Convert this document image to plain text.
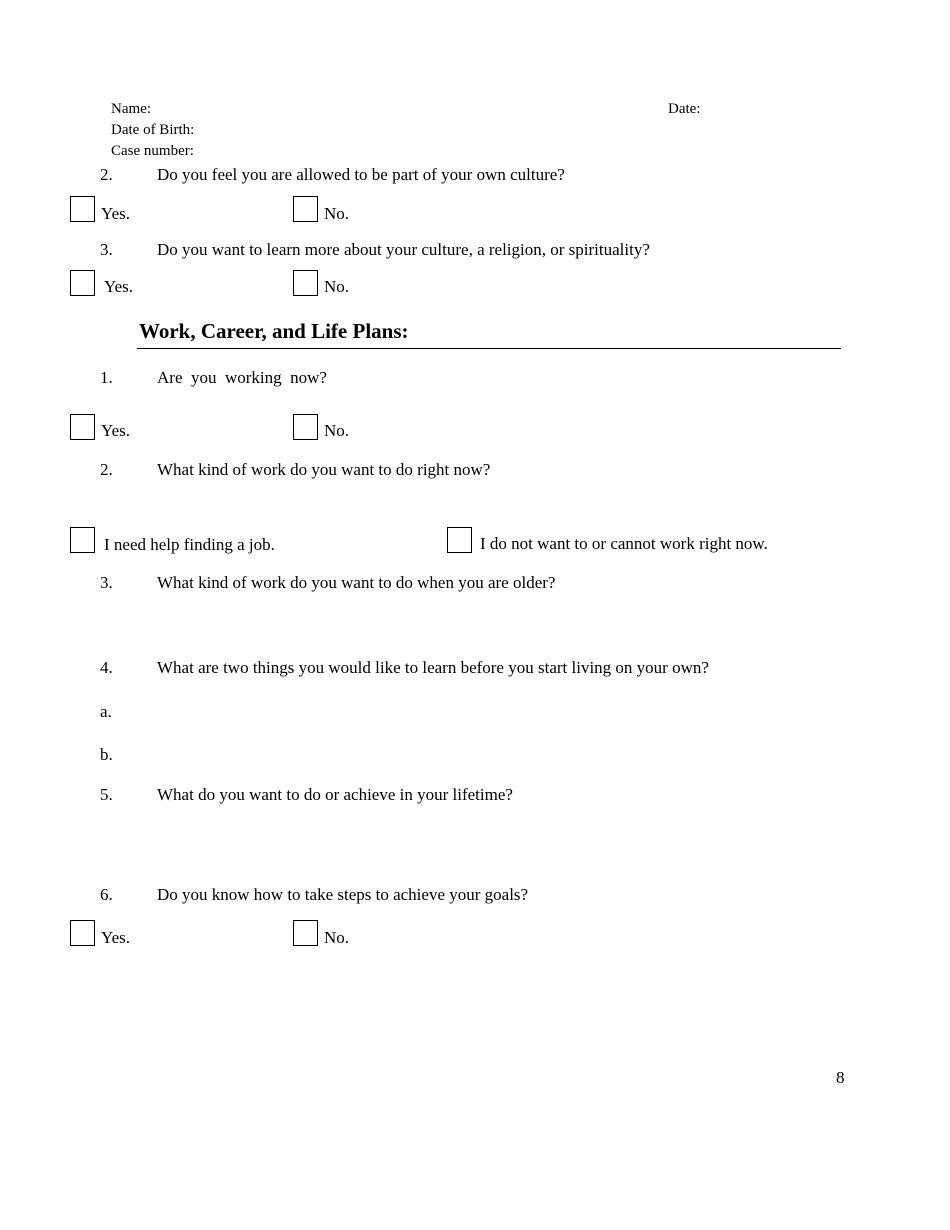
Name:	Date:
Date of Birth:
Case number:
2.	Do you feel you are allowed to be part of your own culture?
Yes.	No.
3.	Do you want to learn more about your culture, a religion, or spirituality?
Yes.	No.
Work, Career, and Life Plans:
1.	Are  you  working  now?
Yes.	No.
2.	What kind of work do you want to do right now?
I need help finding a job.	I do not want to or cannot work right now.
3.	What kind of work do you want to do when you are older?
4.	What are two things you would like to learn before you start living on your own?
a.
b.
5.	What do you want to do or achieve in your lifetime?
6.	Do you know how to take steps to achieve your goals?
Yes.	No.
8
